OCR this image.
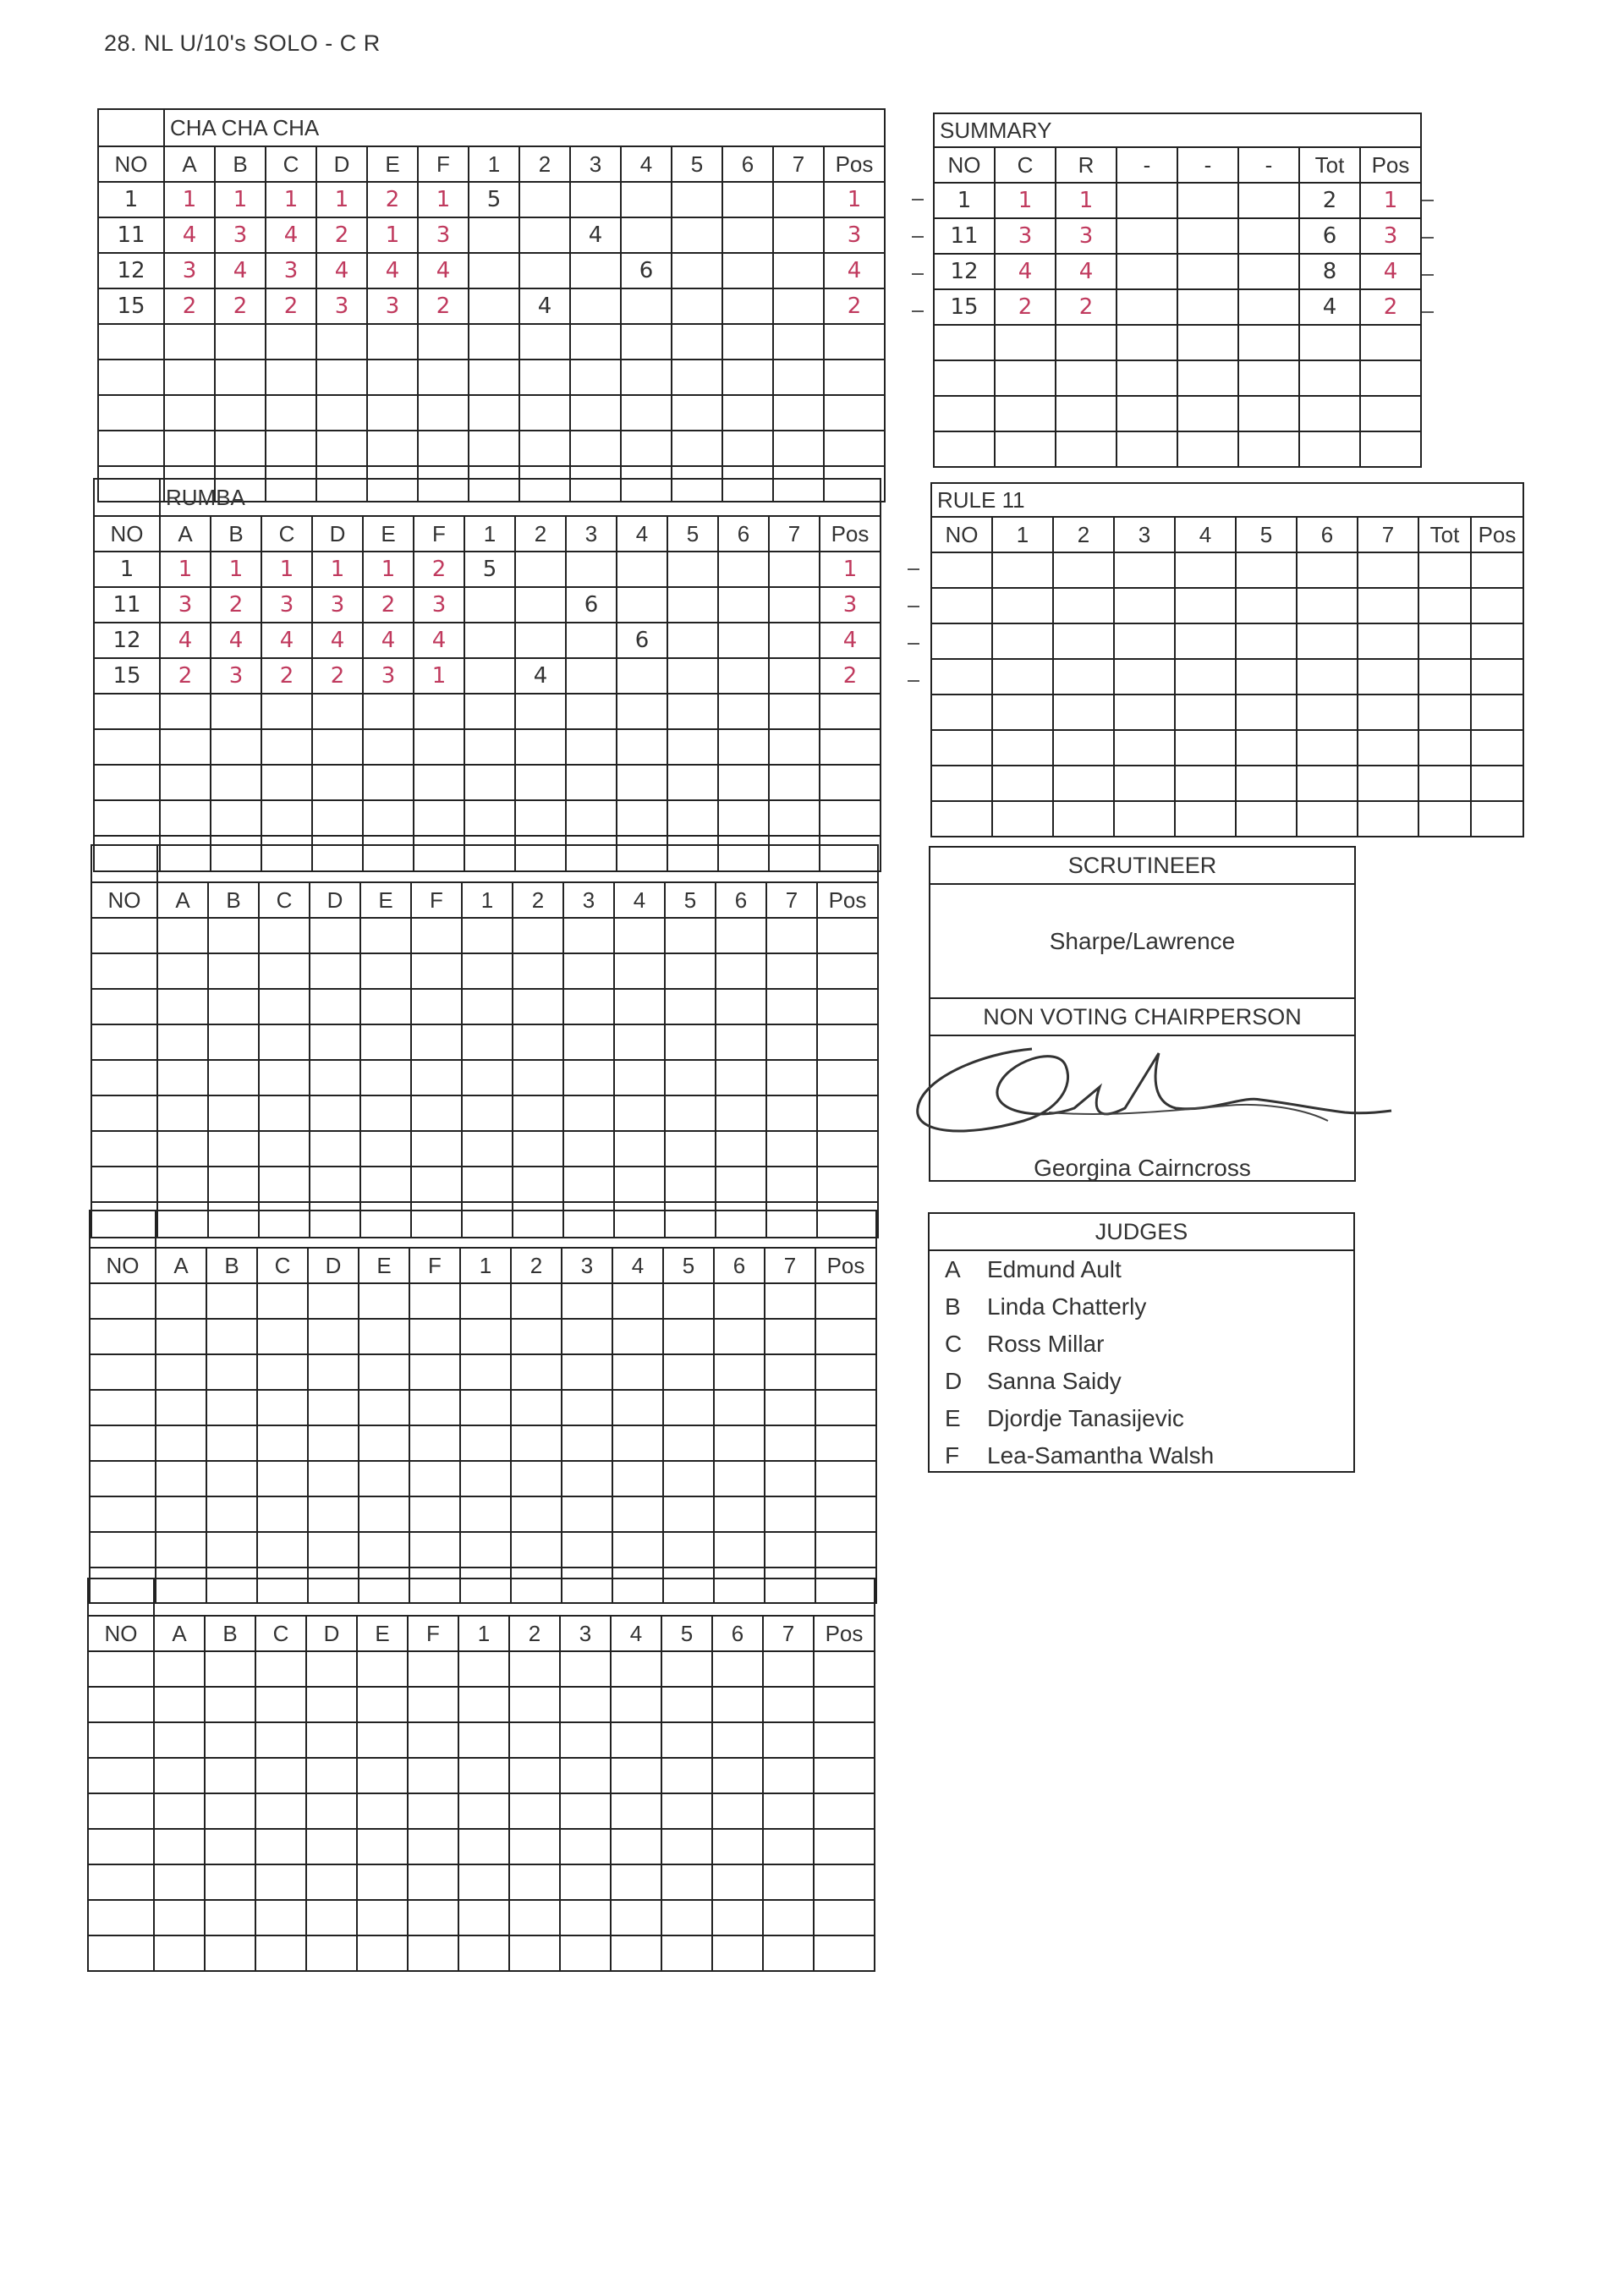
28. NL U/10's SOLO - C R
	CHA CHA CHA													
NO	A	B	C	D	E	F	1	2	3	4	5	6	7	Pos
1	1	1	1	1	2	1	5							1
11	4	3	4	2	1	3			4					3
12	3	4	3	4	4	4				6				4
15	2	2	2	3	3	2		4						2

	RUMBA													
NO	A	B	C	D	E	F	1	2	3	4	5	6	7	Pos
1	1	1	1	1	1	2	5							1
11	3	2	3	3	2	3			6					3
12	4	4	4	4	4	4				6				4
15	2	3	2	2	3	1		4						2

NO	A	B	C	D	E	F	1	2	3	4	5	6	7	Pos

NO	A	B	C	D	E	F	1	2	3	4	5	6	7	Pos

NO	A	B	C	D	E	F	1	2	3	4	5	6	7	Pos

SUMMARY							
NO	C	R	-	-	-	Tot	Pos
1	1	1				2	1
11	3	3				6	3
12	4	4				8	4
15	2	2				4	2

RULE 11									
NO	1	2	3	4	5	6	7	Tot	Pos

SCRUTINEER
Sharpe/Lawrence
NON VOTING CHAIRPERSON
Georgina Cairncross
JUDGES
A	Edmund Ault
B	Linda Chatterly
C	Ross Millar
D	Sanna Saidy
E	Djordje Tanasijevic
F	Lea-Samantha Walsh
